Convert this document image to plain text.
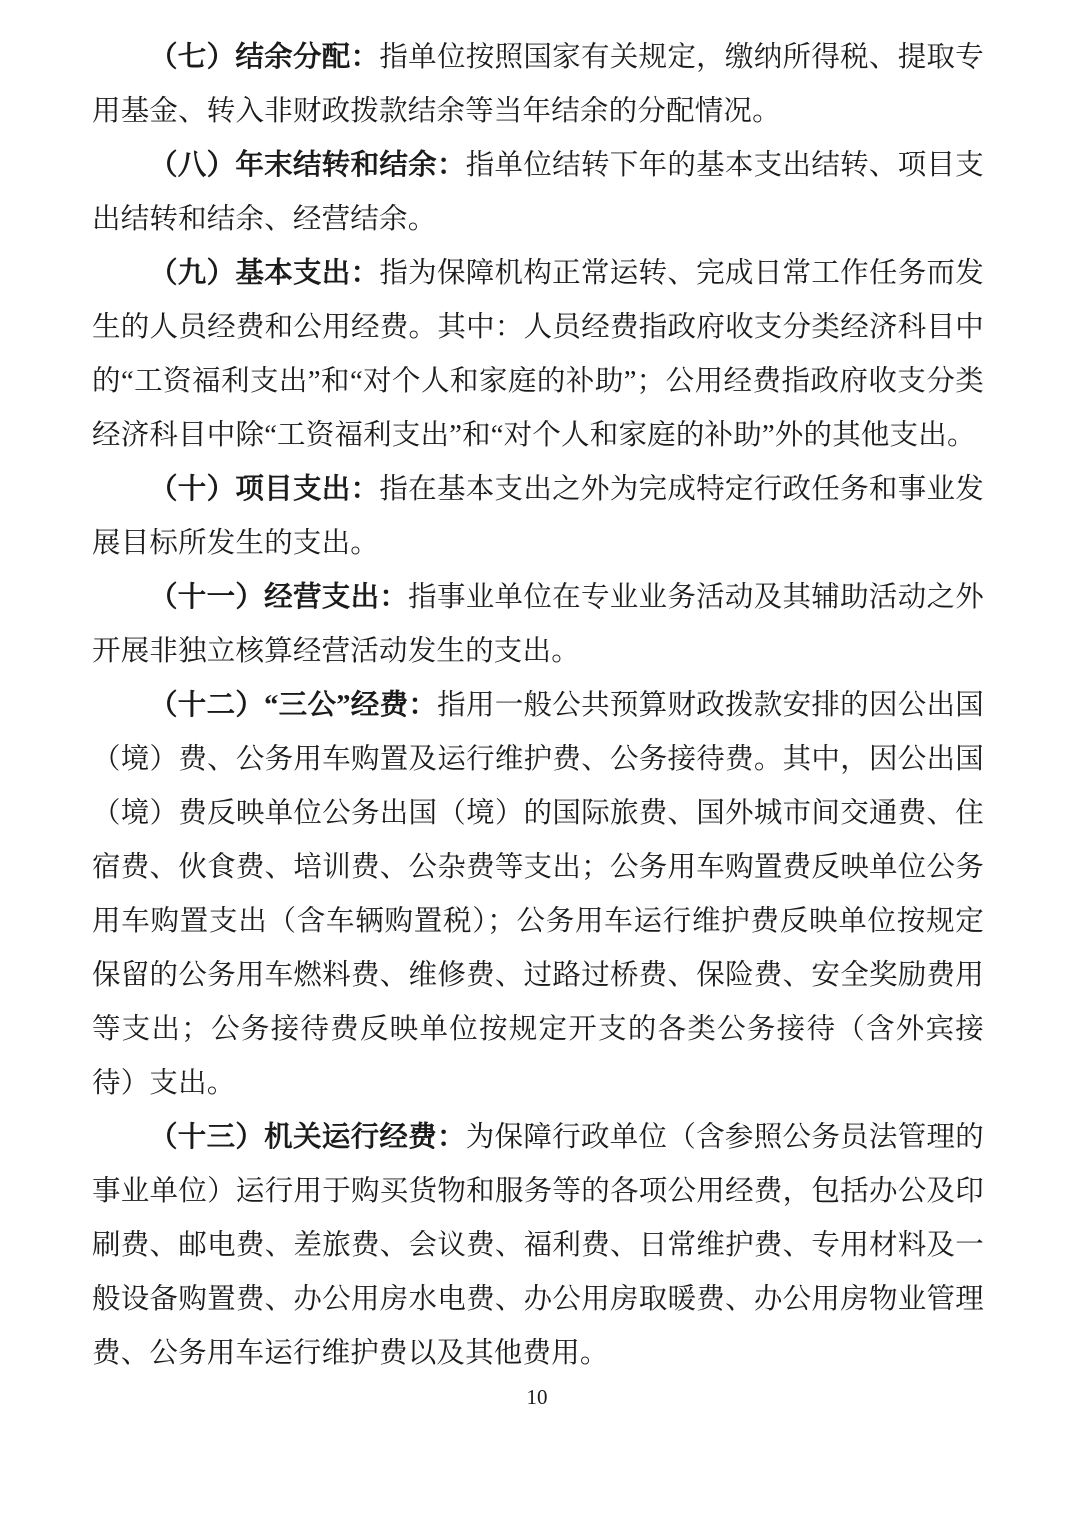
（七）结余分配：指单位按照国家有关规定，缴纳所得税、提取专用基金、转入非财政拨款结余等当年结余的分配情况。

（八）年末结转和结余：指单位结转下年的基本支出结转、项目支出结转和结余、经营结余。

（九）基本支出：指为保障机构正常运转、完成日常工作任务而发生的人员经费和公用经费。其中：人员经费指政府收支分类经济科目中的“工资福利支出”和“对个人和家庭的补助”；公用经费指政府收支分类经济科目中除“工资福利支出”和“对个人和家庭的补助”外的其他支出。

（十）项目支出：指在基本支出之外为完成特定行政任务和事业发展目标所发生的支出。

（十一）经营支出：指事业单位在专业业务活动及其辅助活动之外开展非独立核算经营活动发生的支出。

（十二）“三公”经费：指用一般公共预算财政拨款安排的因公出国（境）费、公务用车购置及运行维护费、公务接待费。其中，因公出国（境）费反映单位公务出国（境）的国际旅费、国外城市间交通费、住宿费、伙食费、培训费、公杂费等支出；公务用车购置费反映单位公务用车购置支出（含车辆购置税）；公务用车运行维护费反映单位按规定保留的公务用车燃料费、维修费、过路过桥费、保险费、安全奖励费用等支出；公务接待费反映单位按规定开支的各类公务接待（含外宾接待）支出。

（十三）机关运行经费：为保障行政单位（含参照公务员法管理的事业单位）运行用于购买货物和服务等的各项公用经费，包括办公及印刷费、邮电费、差旅费、会议费、福利费、日常维护费、专用材料及一般设备购置费、办公用房水电费、办公用房取暖费、办公用房物业管理费、公务用车运行维护费以及其他费用。

10
